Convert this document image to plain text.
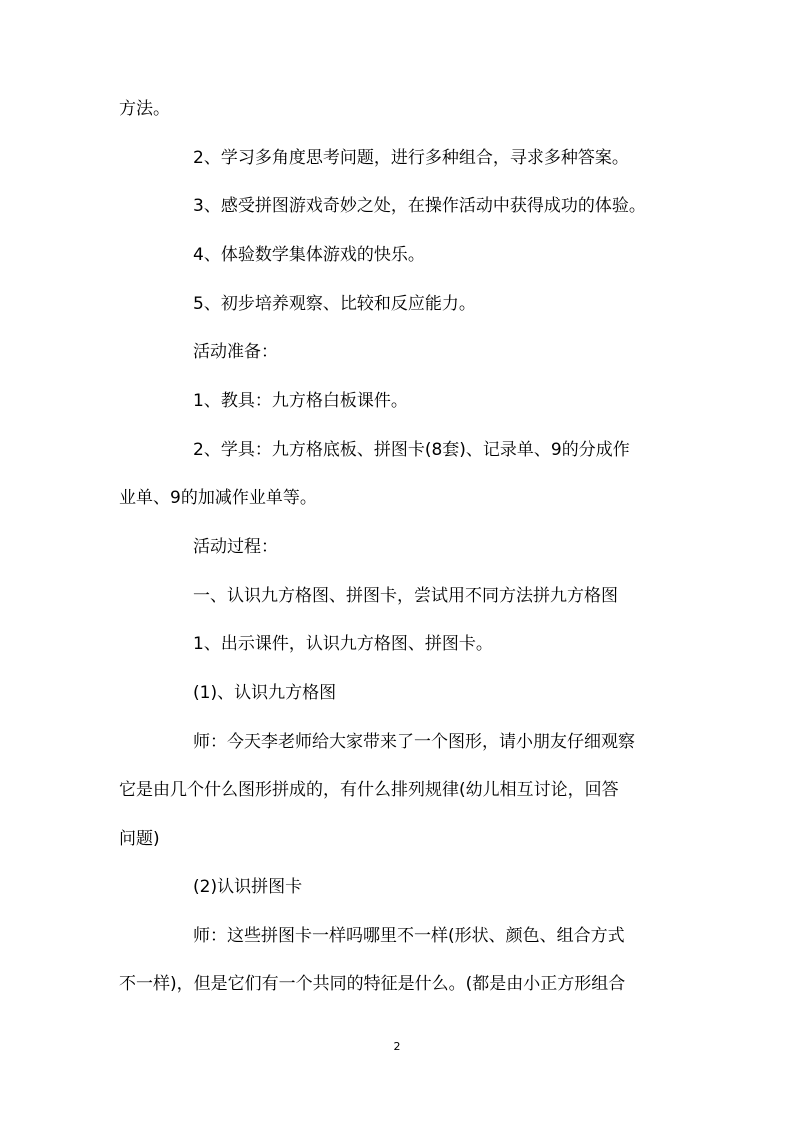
方法。
2、学习多角度思考问题，进行多种组合，寻求多种答案。
3、感受拼图游戏奇妙之处，在操作活动中获得成功的体验。
4、体验数学集体游戏的快乐。
5、初步培养观察、比较和反应能力。
活动准备：
1、教具：九方格白板课件。
2、学具：九方格底板、拼图卡(8套)、记录单、9的分成作
业单、9的加减作业单等。
活动过程：
一、认识九方格图、拼图卡，尝试用不同方法拼九方格图
1、出示课件，认识九方格图、拼图卡。
(1)、认识九方格图
师：今天李老师给大家带来了一个图形，请小朋友仔细观察
它是由几个什么图形拼成的，有什么排列规律(幼儿相互讨论，回答
问题)
(2)认识拼图卡
师：这些拼图卡一样吗哪里不一样(形状、颜色、组合方式
不一样)，但是它们有一个共同的特征是什么。(都是由小正方形组合
2
